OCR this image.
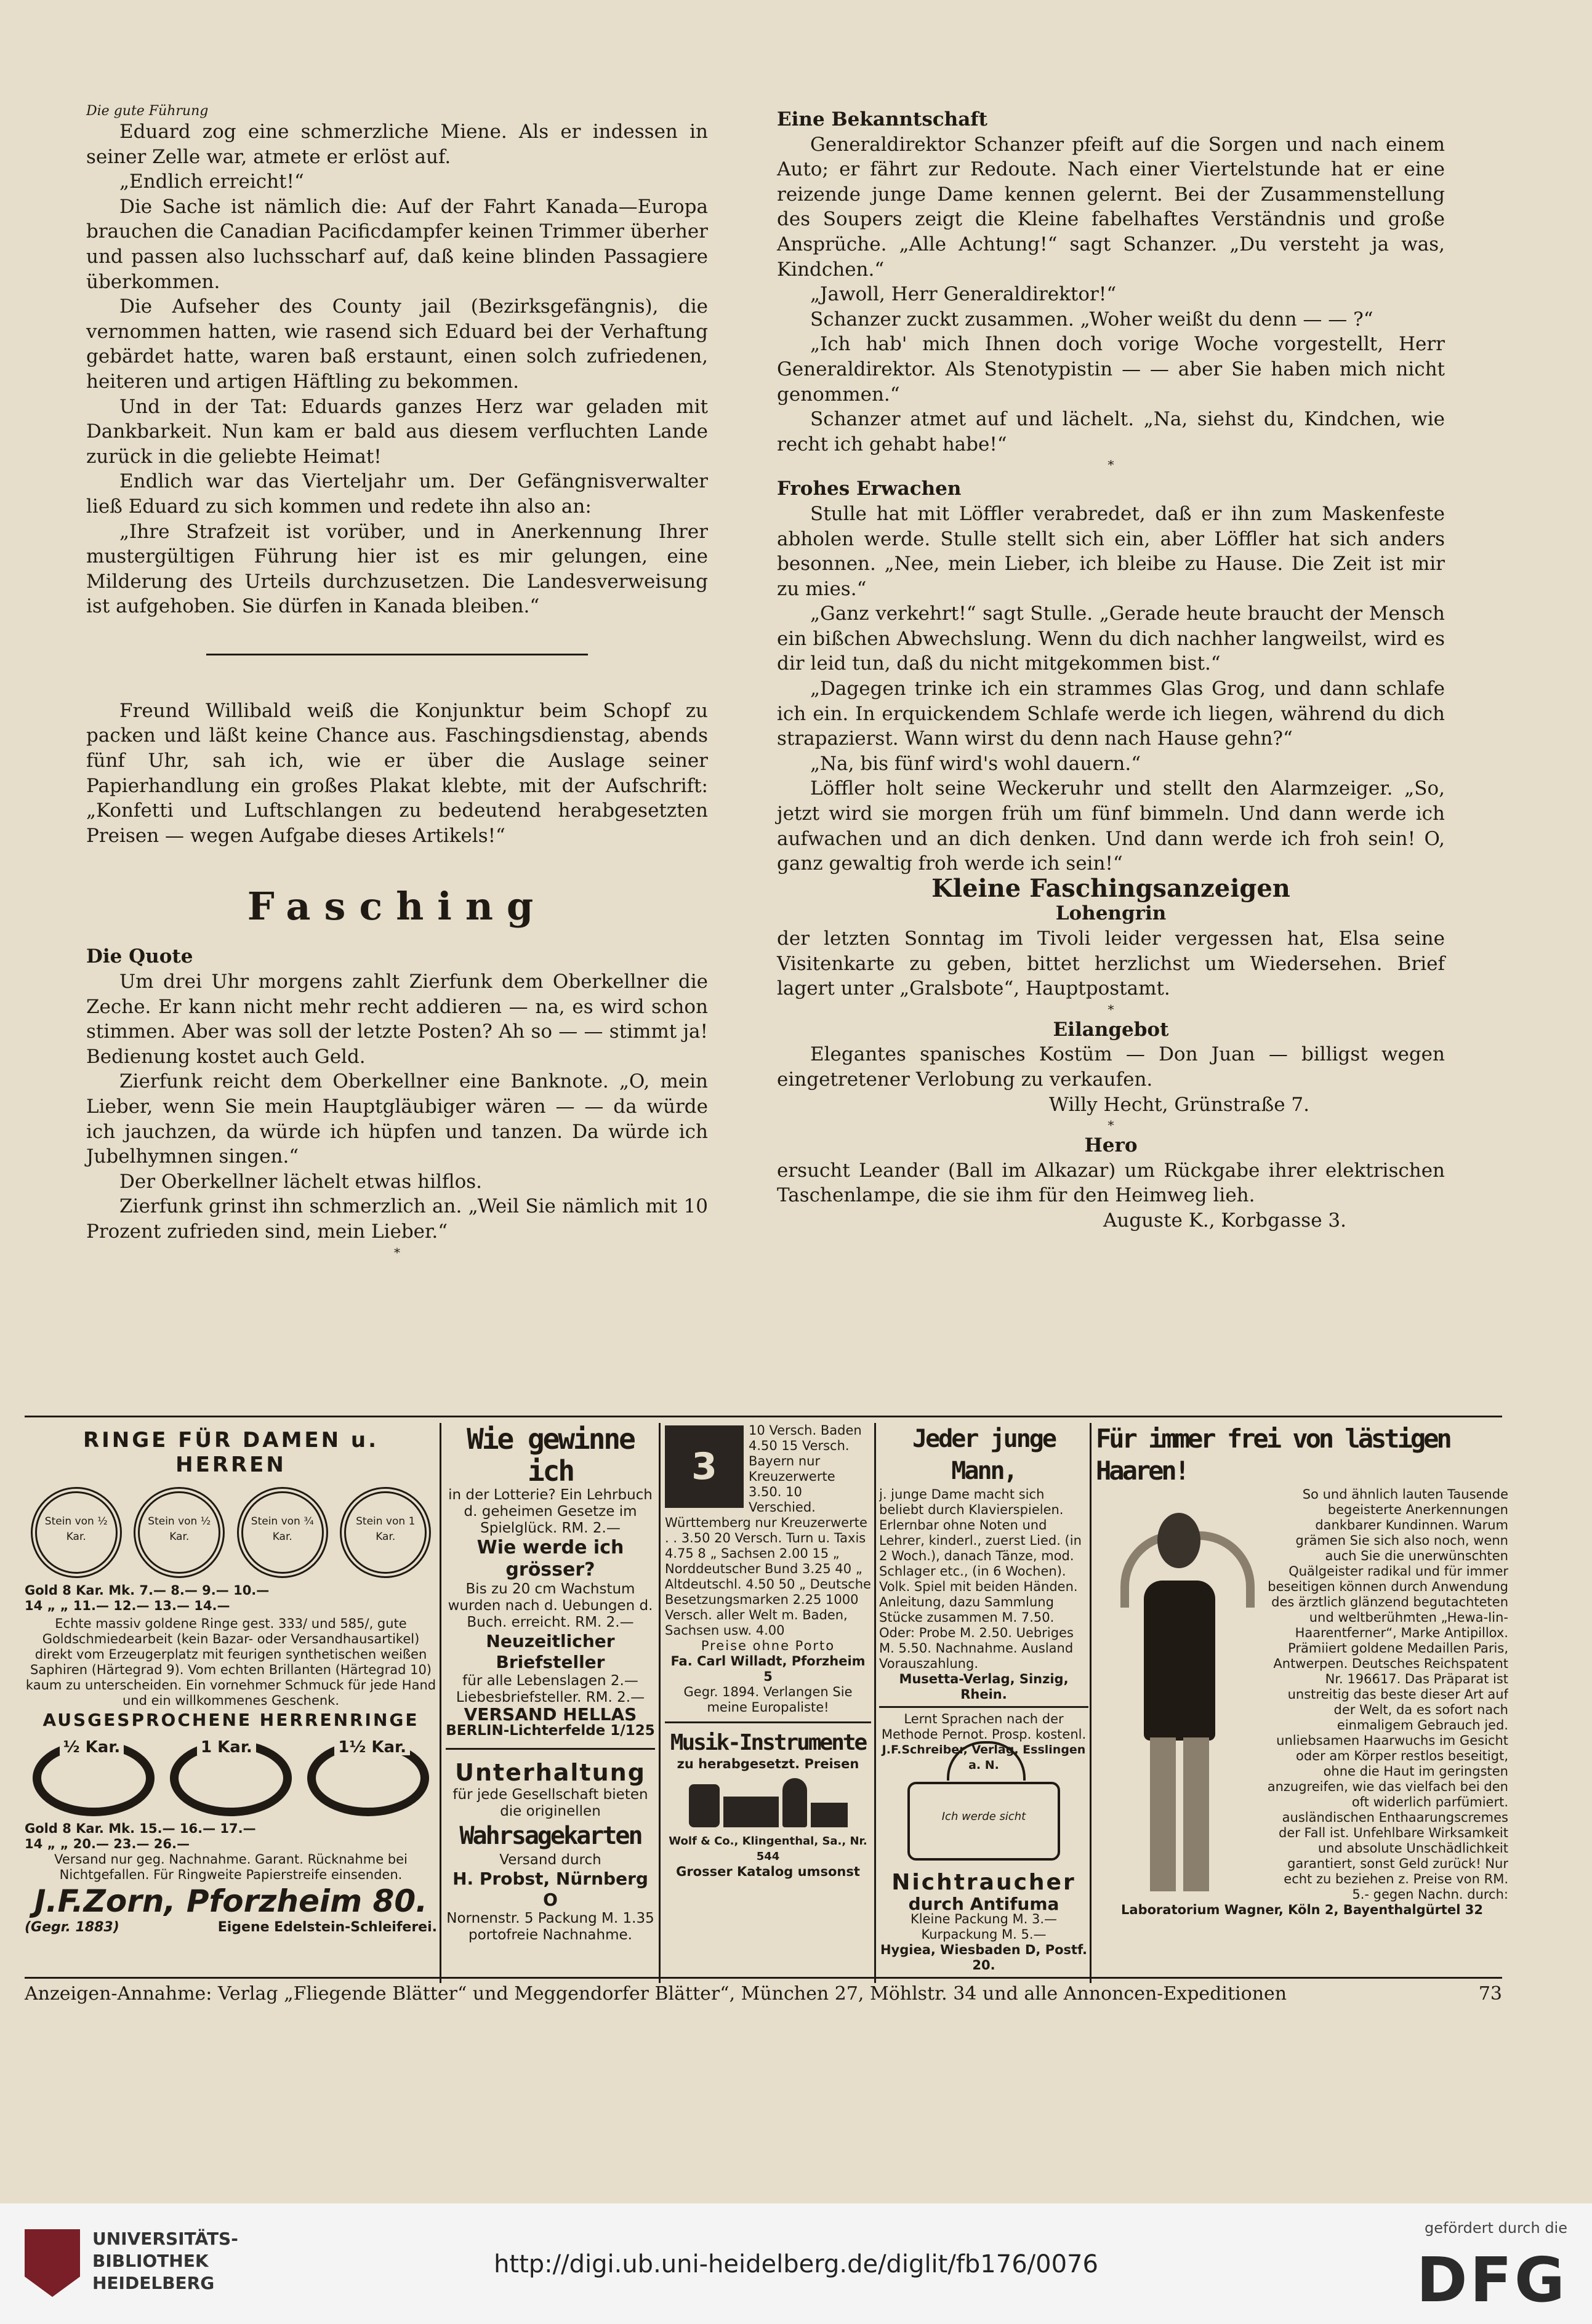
Die gute Führung

Eduard zog eine schmerzliche Miene. Als er indessen in seiner Zelle war, atmete er erlöst auf.

„Endlich erreicht!“

Die Sache ist nämlich die: Auf der Fahrt Kanada—Europa brauchen die Canadian Pacificdampfer keinen Trimmer überher und passen also luchsscharf auf, daß keine blinden Passagiere überkommen.

Die Aufseher des County jail (Bezirksgefängnis), die vernommen hatten, wie rasend sich Eduard bei der Verhaftung gebärdet hatte, waren baß erstaunt, einen solch zufriedenen, heiteren und artigen Häftling zu bekommen.

Und in der Tat: Eduards ganzes Herz war geladen mit Dankbarkeit. Nun kam er bald aus diesem verfluchten Lande zurück in die geliebte Heimat!

Endlich war das Vierteljahr um. Der Gefängnisverwalter ließ Eduard zu sich kommen und redete ihn also an:

„Ihre Strafzeit ist vorüber, und in Anerkennung Ihrer mustergültigen Führung hier ist es mir gelungen, eine Milderung des Urteils durchzusetzen. Die Landesverweisung ist aufgehoben. Sie dürfen in Kanada bleiben.“

Freund Willibald weiß die Konjunktur beim Schopf zu packen und läßt keine Chance aus. Faschingsdienstag, abends fünf Uhr, sah ich, wie er über die Auslage seiner Papierhandlung ein großes Plakat klebte, mit der Aufschrift: „Konfetti und Luftschlangen zu bedeutend herabgesetzten Preisen — wegen Aufgabe dieses Artikels!“

Fasching

Die Quote

Um drei Uhr morgens zahlt Zierfunk dem Oberkellner die Zeche. Er kann nicht mehr recht addieren — na, es wird schon stimmen. Aber was soll der letzte Posten? Ah so — — stimmt ja! Bedienung kostet auch Geld.

Zierfunk reicht dem Oberkellner eine Banknote. „O, mein Lieber, wenn Sie mein Hauptgläubiger wären — — da würde ich jauchzen, da würde ich hüpfen und tanzen. Da würde ich Jubelhymnen singen.“

Der Oberkellner lächelt etwas hilflos.

Zierfunk grinst ihn schmerzlich an. „Weil Sie nämlich mit 10 Prozent zufrieden sind, mein Lieber.“

*

Eine Bekanntschaft

Generaldirektor Schanzer pfeift auf die Sorgen und nach einem Auto; er fährt zur Redoute. Nach einer Viertelstunde hat er eine reizende junge Dame kennen gelernt. Bei der Zusammenstellung des Soupers zeigt die Kleine fabelhaftes Verständnis und große Ansprüche. „Alle Achtung!“ sagt Schanzer. „Du versteht ja was, Kindchen.“

„Jawoll, Herr Generaldirektor!“

Schanzer zuckt zusammen. „Woher weißt du denn — — ?“

„Ich hab' mich Ihnen doch vorige Woche vorgestellt, Herr Generaldirektor. Als Stenotypistin — — aber Sie haben mich nicht genommen.“

Schanzer atmet auf und lächelt. „Na, siehst du, Kindchen, wie recht ich gehabt habe!“

*

Frohes Erwachen

Stulle hat mit Löffler verabredet, daß er ihn zum Maskenfeste abholen werde. Stulle stellt sich ein, aber Löffler hat sich anders besonnen. „Nee, mein Lieber, ich bleibe zu Hause. Die Zeit ist mir zu mies.“

„Ganz verkehrt!“ sagt Stulle. „Gerade heute braucht der Mensch ein bißchen Abwechslung. Wenn du dich nachher langweilst, wird es dir leid tun, daß du nicht mitgekommen bist.“

„Dagegen trinke ich ein strammes Glas Grog, und dann schlafe ich ein. In erquickendem Schlafe werde ich liegen, während du dich strapazierst. Wann wirst du denn nach Hause gehn?“

„Na, bis fünf wird's wohl dauern.“

Löffler holt seine Weckeruhr und stellt den Alarmzeiger. „So, jetzt wird sie morgen früh um fünf bimmeln. Und dann werde ich aufwachen und an dich denken. Und dann werde ich froh sein! O, ganz gewaltig froh werde ich sein!“

Kleine Faschingsanzeigen

Lohengrin

der letzten Sonntag im Tivoli leider vergessen hat, Elsa seine Visitenkarte zu geben, bittet herzlichst um Wiedersehen. Brief lagert unter „Gralsbote“, Hauptpostamt.

*

Eilangebot

Elegantes spanisches Kostüm — Don Juan — billigst wegen eingetretener Verlobung zu verkaufen.

Willy Hecht, Grünstraße 7.

*

Hero

ersucht Leander (Ball im Alkazar) um Rückgabe ihrer elektrischen Taschenlampe, die sie ihm für den Heimweg lieh.

Auguste K., Korbgasse 3.

RINGE FÜR DAMEN u. HERREN
Stein von ½ Kar.
Stein von ½ Kar.
Stein von ¾ Kar.
Stein von 1 Kar.
Gold 8 Kar. Mk. 7.— 8.— 9.— 10.—
14 „ „ 11.— 12.— 13.— 14.—
Echte massiv goldene Ringe gest. 333/ und 585/, gute Goldschmiedearbeit (kein Bazar- oder Versandhausartikel) direkt vom Erzeugerplatz mit feurigen synthetischen weißen Saphiren (Härtegrad 9). Vom echten Brillanten (Härtegrad 10) kaum zu unterscheiden. Ein vornehmer Schmuck für jede Hand und ein willkommenes Geschenk.
AUSGESPROCHENE HERRENRINGE
½ Kar.	1 Kar.	1½ Kar.
Gold 8 Kar. Mk. 15.— 16.— 17.—
14 „ „ 20.— 23.— 26.—
Versand nur geg. Nachnahme. Garant. Rücknahme bei Nichtgefallen. Für Ringweite Papierstreife einsenden.
J.F.Zorn, Pforzheim 80.
(Gegr. 1883)	Eigene Edelstein-Schleiferei.
Wie gewinne ich
in der Lotterie? Ein Lehrbuch d. geheimen Gesetze im Spielglück. RM. 2.—
Wie werde ich grösser?
Bis zu 20 cm Wachstum wurden nach d. Uebungen d. Buch. erreicht. RM. 2.—
Neuzeitlicher Briefsteller
für alle Lebenslagen 2.— Liebesbriefsteller. RM. 2.—
VERSAND HELLAS
BERLIN-Lichterfelde 1/125
Unterhaltung
für jede Gesellschaft bieten die originellen
Wahrsagekarten
Versand durch
H. Probst, Nürnberg O
Nornenstr. 5 Packung M. 1.35 portofreie Nachnahme.
3
10 Versch. Baden 4.50 15 Versch. Bayern nur Kreuzerwerte 3.50. 10 Verschied. Württemberg nur Kreuzerwerte . . 3.50 20 Versch. Turn u. Taxis 4.75 8 „ Sachsen 2.00 15 „ Norddeutscher Bund 3.25 40 „ Altdeutschl. 4.50 50 „ Deutsche Besetzungsmarken 2.25 1000 Versch. aller Welt m. Baden, Sachsen usw. 4.00
Preise ohne Porto
Fa. Carl Willadt, Pforzheim 5
Gegr. 1894. Verlangen Sie meine Europaliste!
Musik-Instrumente
zu herabgesetzt. Preisen
Wolf & Co., Klingenthal, Sa., Nr. 544
Grosser Katalog umsonst
Jeder junge Mann,
j. junge Dame macht sich beliebt durch Klavierspielen. Erlernbar ohne Noten und Lehrer, kinderl., zuerst Lied. (in 2 Woch.), danach Tänze, mod. Schlager etc., (in 6 Wochen). Volk. Spiel mit beiden Händen. Anleitung, dazu Sammlung Stücke zusammen M. 7.50. Oder: Probe M. 2.50. Uebriges M. 5.50. Nachnahme. Ausland Vorauszahlung.
Musetta-Verlag, Sinzig, Rhein.
Lernt Sprachen nach der Methode Pernot. Prosp. kostenl.
J.F.Schreiber, Verlag, Esslingen a. N.
Ich werde sicht
Nichtraucher
durch Antifuma
Kleine Packung M. 3.— Kurpackung M. 5.—
Hygiea, Wiesbaden D, Postf. 20.
Für immer frei von lästigen Haaren!
So und ähnlich lauten Tausende begeisterte Anerkennungen dankbarer Kundinnen. Warum grämen Sie sich also noch, wenn auch Sie die unerwünschten Quälgeister radikal und für immer beseitigen können durch Anwendung des ärztlich glänzend begutachteten und weltberühmten „Hewa-Iin-Haarentferner“, Marke Antipillox. Prämiiert goldene Medaillen Paris, Antwerpen. Deutsches Reichspatent Nr. 196617. Das Präparat ist unstreitig das beste dieser Art auf der Welt, da es sofort nach einmaligem Gebrauch jed. unliebsamen Haarwuchs im Gesicht oder am Körper restlos beseitigt, ohne die Haut im geringsten anzugreifen, wie das vielfach bei den oft widerlich parfümiert. ausländischen Enthaarungscremes der Fall ist. Unfehlbare Wirksamkeit und absolute Unschädlichkeit garantiert, sonst Geld zurück! Nur echt zu beziehen z. Preise von RM. 5.- gegen Nachn. durch:
Laboratorium Wagner, Köln 2, Bayenthalgürtel 32
Anzeigen-Annahme: Verlag „Fliegende Blätter“ und Meggendorfer Blätter“, München 27, Möhlstr. 34 und alle Annoncen-Expeditionen	73
UNIVERSITÄTS-
BIBLIOTHEK
HEIDELBERG
http://digi.ub.uni-heidelberg.de/diglit/fb176/0076
gefördert durch die
DFG
